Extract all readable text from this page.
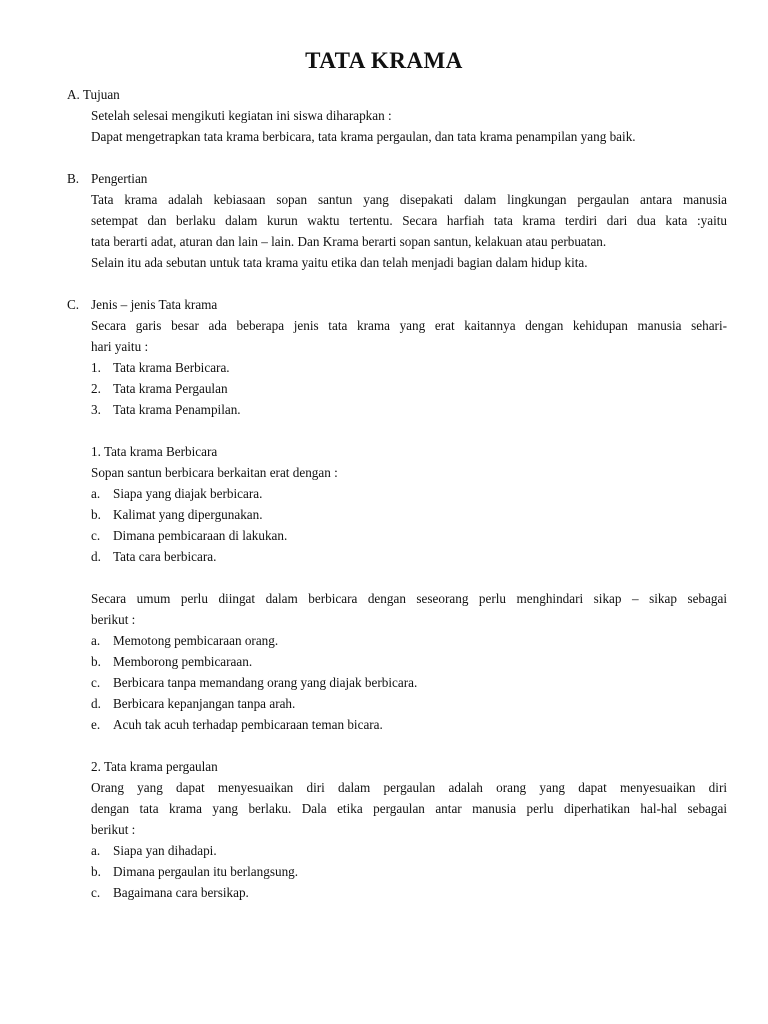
TATA KRAMA
A. Tujuan
Setelah selesai mengikuti kegiatan ini siswa diharapkan :
Dapat mengetrapkan tata krama berbicara, tata krama pergaulan, dan tata krama penampilan yang baik.
B. Pengertian
Tata krama adalah kebiasaan sopan santun yang disepakati dalam lingkungan pergaulan antara manusia
setempat dan berlaku dalam kurun waktu tertentu. Secara harfiah tata krama terdiri dari dua kata :yaitu
tata berarti adat, aturan dan lain – lain. Dan Krama berarti sopan santun, kelakuan atau perbuatan.
Selain itu ada sebutan untuk tata krama yaitu etika dan telah menjadi bagian dalam hidup kita.
C. Jenis – jenis Tata krama
Secara garis besar ada beberapa jenis tata krama yang erat kaitannya dengan kehidupan manusia sehari-
hari yaitu :
1. Tata krama Berbicara.
2. Tata krama Pergaulan
3. Tata krama Penampilan.
1. Tata krama Berbicara
Sopan santun berbicara berkaitan erat dengan :
a. Siapa yang diajak berbicara.
b. Kalimat yang dipergunakan.
c. Dimana pembicaraan di lakukan.
d. Tata cara berbicara.
Secara umum perlu diingat dalam berbicara dengan seseorang perlu menghindari sikap – sikap sebagai
berikut :
a. Memotong pembicaraan orang.
b. Memborong pembicaraan.
c. Berbicara tanpa memandang orang yang diajak berbicara.
d. Berbicara kepanjangan tanpa arah.
e. Acuh tak acuh terhadap pembicaraan teman bicara.
2. Tata krama pergaulan
Orang yang dapat menyesuaikan diri dalam pergaulan adalah orang yang dapat menyesuaikan diri
dengan tata krama yang berlaku. Dala etika pergaulan antar manusia perlu diperhatikan hal-hal sebagai
berikut :
a. Siapa yan dihadapi.
b. Dimana pergaulan itu berlangsung.
c. Bagaimana cara bersikap.
